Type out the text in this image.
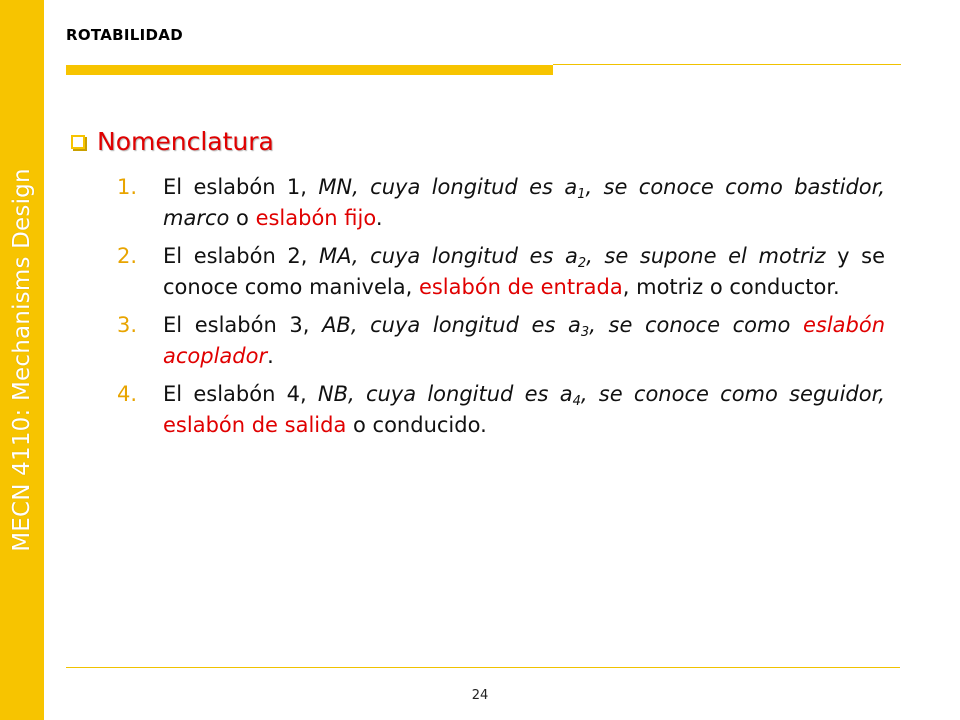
MECN 4110: Mechanisms Design
ROTABILIDAD
Nomenclatura
1.	El eslabón 1, MN, cuya longitud es $a_1$, se conoce como bastidor, marco o eslabón fijo.
2.	El eslabón 2, MA, cuya longitud es $a_2$, se supone el motriz y se conoce como manivela, eslabón de entrada, motriz o conductor.
3.	El eslabón 3, AB, cuya longitud es $a_3$, se conoce como eslabón acoplador.
4.	El eslabón 4, NB, cuya longitud es $a_4$, se conoce como seguidor, eslabón de salida o conducido.
24
